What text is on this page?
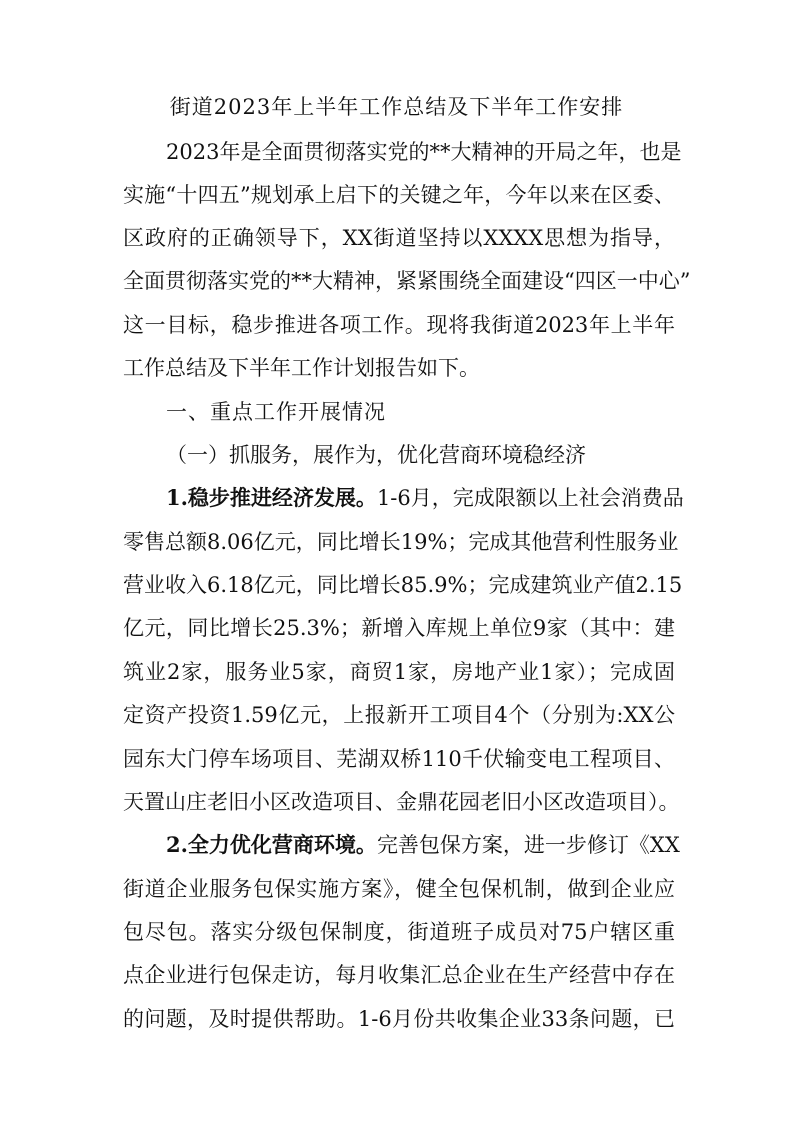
街道2023年上半年工作总结及下半年工作安排
2023年是全面贯彻落实党的**大精神的开局之年，也是
实施“十四五”规划承上启下的关键之年，今年以来在区委、
区政府的正确领导下，XX街道坚持以XXXX思想为指导，
全面贯彻落实党的**大精神，紧紧围绕全面建设“四区一中心”
这一目标，稳步推进各项工作。现将我街道2023年上半年
工作总结及下半年工作计划报告如下。
一、重点工作开展情况
（一）抓服务，展作为，优化营商环境稳经济
1.稳步推进经济发展。1-6月，完成限额以上社会消费品
零售总额8.06亿元，同比增长19%；完成其他营利性服务业
营业收入6.18亿元，同比增长85.9%；完成建筑业产值2.15
亿元，同比增长25.3%；新增入库规上单位9家（其中：建
筑业2家，服务业5家，商贸1家，房地产业1家）；完成固
定资产投资1.59亿元，上报新开工项目4个（分别为:XX公
园东大门停车场项目、芜湖双桥110千伏输变电工程项目、
天置山庄老旧小区改造项目、金鼎花园老旧小区改造项目）。
2.全力优化营商环境。完善包保方案，进一步修订《XX
街道企业服务包保实施方案》，健全包保机制，做到企业应
包尽包。落实分级包保制度，街道班子成员对75户辖区重
点企业进行包保走访，每月收集汇总企业在生产经营中存在
的问题，及时提供帮助。1-6月份共收集企业33条问题，已
